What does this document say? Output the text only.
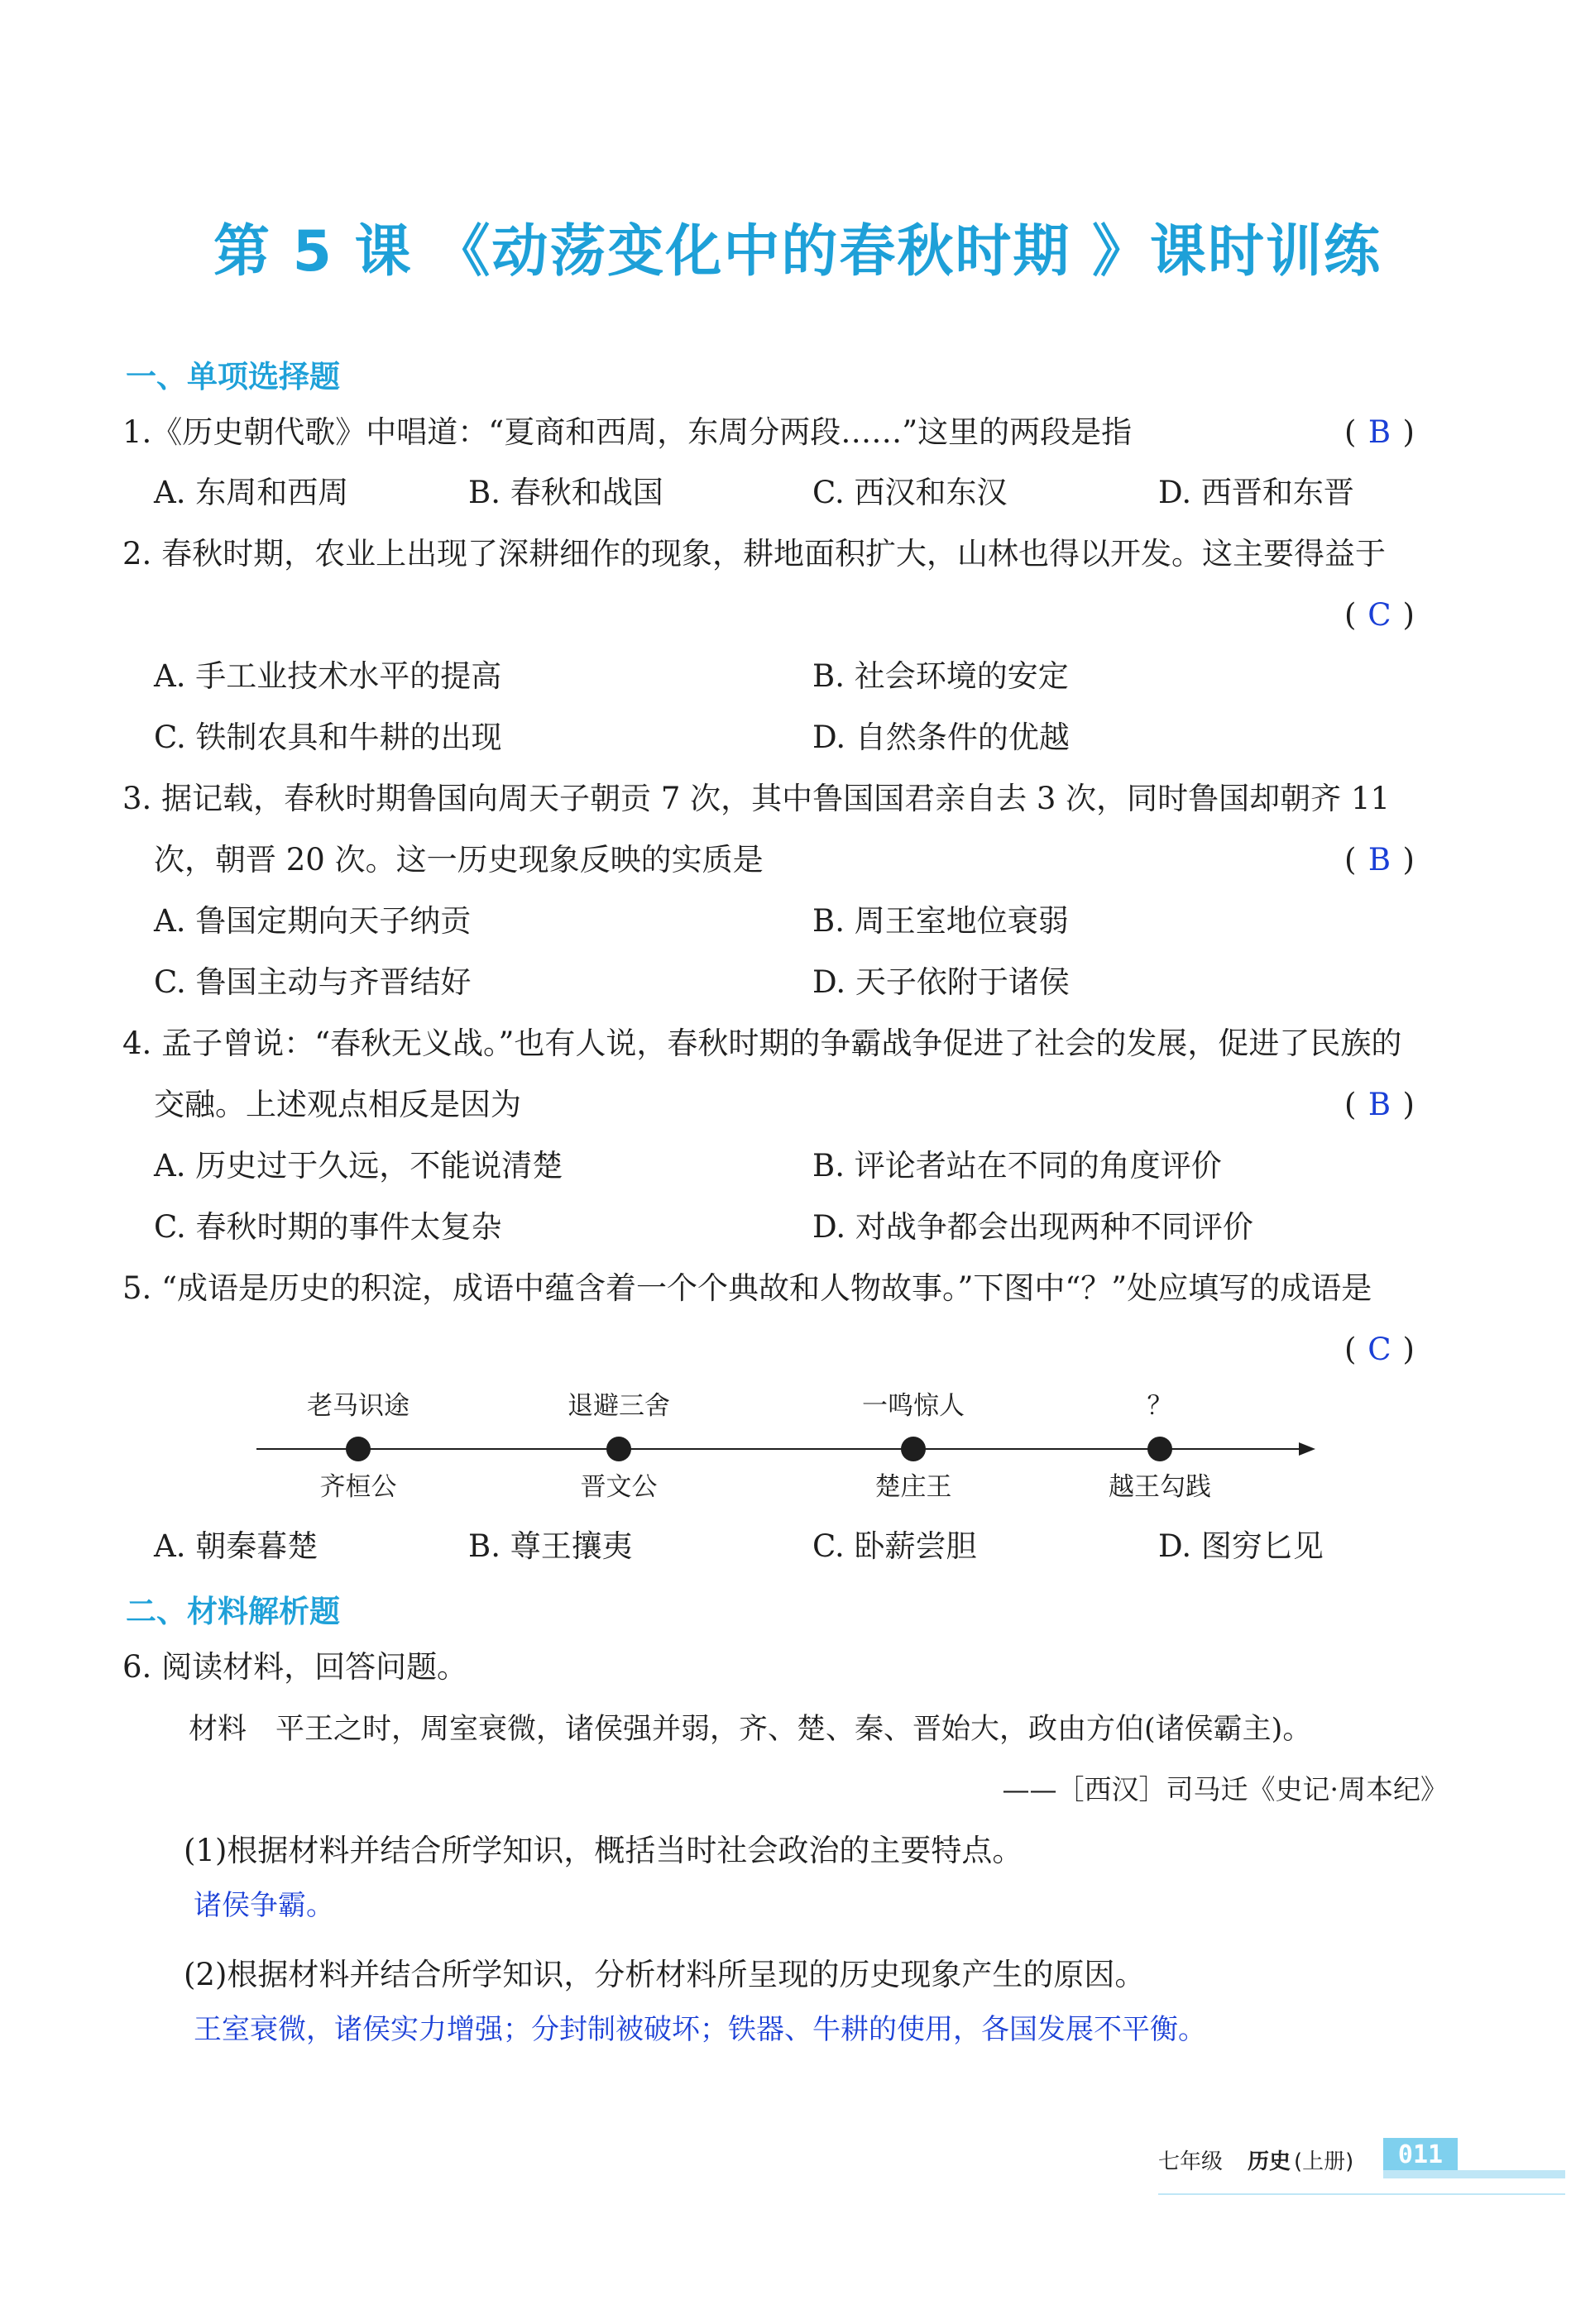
第 5 课 《动荡变化中的春秋时期 》课时训练
一、单项选择题
1.《历史朝代歌》中唱道：“夏商和西周，东周分两段……”这里的两段是指	( B )
A. 东周和西周	B. 春秋和战国	C. 西汉和东汉	D. 西晋和东晋
2. 春秋时期，农业上出现了深耕细作的现象，耕地面积扩大，山林也得以开发。这主要得益于
( C )
A. 手工业技术水平的提高	B. 社会环境的安定
C. 铁制农具和牛耕的出现	D. 自然条件的优越
3. 据记载，春秋时期鲁国向周天子朝贡 7 次，其中鲁国国君亲自去 3 次，同时鲁国却朝齐 11
次，朝晋 20 次。这一历史现象反映的实质是	( B )
A. 鲁国定期向天子纳贡	B. 周王室地位衰弱
C. 鲁国主动与齐晋结好	D. 天子依附于诸侯
4. 孟子曾说：“春秋无义战。”也有人说，春秋时期的争霸战争促进了社会的发展，促进了民族的
交融。上述观点相反是因为	( B )
A. 历史过于久远，不能说清楚	B. 评论者站在不同的角度评价
C. 春秋时期的事件太复杂	D. 对战争都会出现两种不同评价
5. “成语是历史的积淀，成语中蕴含着一个个典故和人物故事。”下图中“？”处应填写的成语是
( C )
老马识途
齐桓公
退避三舍
晋文公
一鸣惊人
楚庄王
？
越王勾践
A. 朝秦暮楚	B. 尊王攘夷	C. 卧薪尝胆	D. 图穷匕见
二、材料解析题
6. 阅读材料，回答问题。
材料　平王之时，周室衰微，诸侯强并弱，齐、楚、秦、晋始大，政由方伯(诸侯霸主)。
——［西汉］司马迁《史记·周本纪》
(1)根据材料并结合所学知识，概括当时社会政治的主要特点。
诸侯争霸。
(2)根据材料并结合所学知识，分析材料所呈现的历史现象产生的原因。
王室衰微，诸侯实力增强；分封制被破坏；铁器、牛耕的使用，各国发展不平衡。
七年级 历史 (上册)	011
